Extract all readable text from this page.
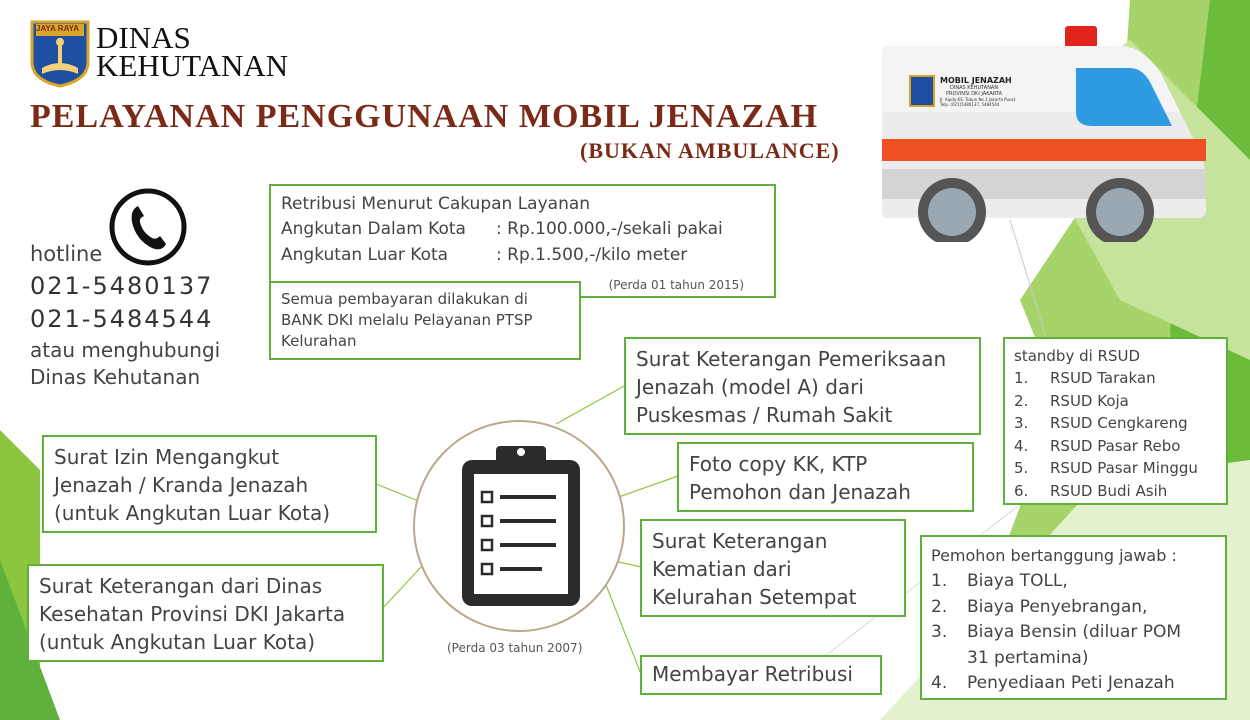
JAYA RAYA DINAS
KEHUTANAN
PELAYANAN PENGGUNAAN MOBIL JENAZAH
(BUKAN AMBULANCE)
MOBIL JENAZAH
DINAS KEHUTANAN
PROVINSI DKI JAKARTA
Jl. Aipda KS. Tubun No.1 Jakarta Pusat
Telp. (021)5480137, 5484544
hotline
021-5480137
021-5484544
atau menghubungi
Dinas Kehutanan
Retribusi Menurut Cakupan Layanan
Angkutan Dalam Kota : Rp.100.000,-/sekali pakai
Angkutan Luar Kota	: Rp.1.500,-/kilo meter
(Perda 01 tahun 2015)
Semua pembayaran dilakukan di
BANK DKI melalu Pelayanan PTSP
Kelurahan
(Perda 03 tahun 2007)
Surat Izin Mengangkut
Jenazah / Kranda Jenazah
(untuk Angkutan Luar Kota)
Surat Keterangan dari Dinas
Kesehatan Provinsi DKI Jakarta
(untuk Angkutan Luar Kota)
Surat Keterangan Pemeriksaan
Jenazah (model A) dari
Puskesmas / Rumah Sakit
Foto copy KK, KTP
Pemohon dan Jenazah
Surat Keterangan
Kematian dari
Kelurahan Setempat
Membayar Retribusi
standby di RSUD
1. RSUD Tarakan
2. RSUD Koja
3. RSUD Cengkareng
4. RSUD Pasar Rebo
5. RSUD Pasar Minggu
6. RSUD Budi Asih
Pemohon bertanggung jawab :
1. Biaya TOLL,
2. Biaya Penyebrangan,
3. Biaya Bensin (diluar POM
31 pertamina)
4. Penyediaan Peti Jenazah
